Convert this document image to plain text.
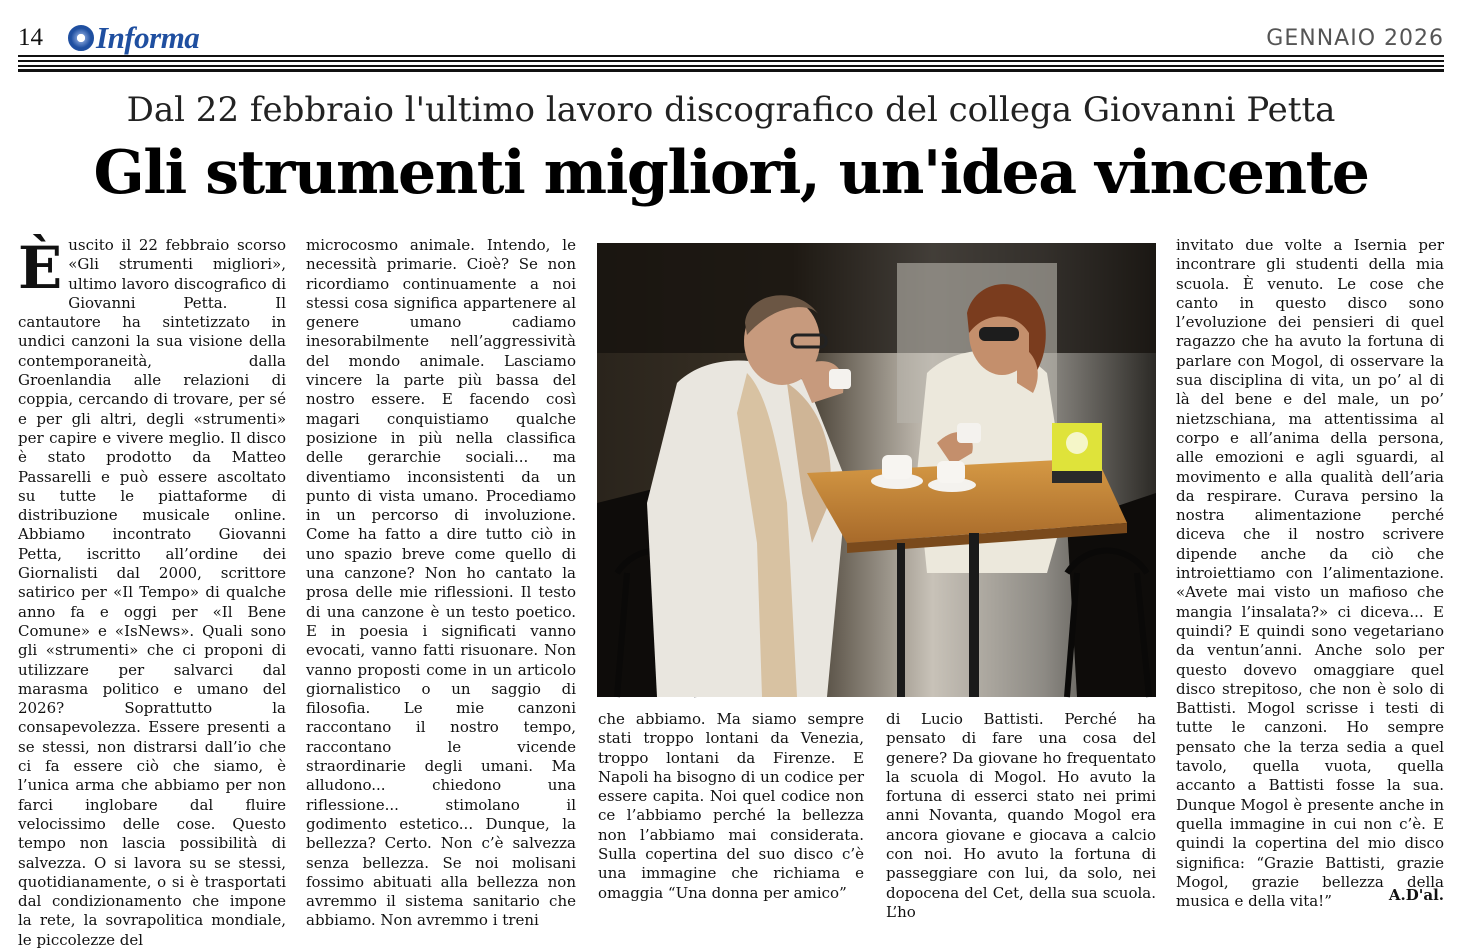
14 Informa	GENNAIO 2026
Dal 22 febbraio l'ultimo lavoro discografico del collega Giovanni Petta
Gli strumenti migliori, un'idea vincente
È uscito il 22 febbraio scorso «Gli strumenti migliori», ultimo lavoro discografico di Giovanni Petta. Il cantautore ha sintetizzato in undici canzoni la sua visione della contemporaneità, dalla Groenlandia alle relazioni di coppia, cercando di trovare, per sé e per gli altri, degli «strumenti» per capire e vivere meglio. Il disco è stato prodotto da Matteo Passarelli e può essere ascoltato su tutte le piattaforme di distribuzione musicale online. Abbiamo incontrato Giovanni Petta, iscritto all’ordine dei Giornalisti dal 2000, scrittore satirico per «Il Tempo» di qualche anno fa e oggi per «Il Bene Comune» e «IsNews». Quali sono gli «strumenti» che ci proponi di utilizzare per salvarci dal marasma politico e umano del 2026? Soprattutto la consapevolezza. Essere presenti a se stessi, non distrarsi dall’io che ci fa essere ciò che siamo, è l’unica arma che abbiamo per non farci inglobare dal fluire velocissimo delle cose. Questo tempo non lascia possibilità di salvezza. O si lavora su se stessi, quotidianamente, o si è trasportati dal condizionamento che impone la rete, la sovrapolitica mondiale, le piccolezze del

microcosmo animale. Intendo, le necessità primarie. Cioè? Se non ricordiamo continuamente a noi stessi cosa significa appartenere al genere umano cadiamo inesorabilmente nell’aggressività del mondo animale. Lasciamo vincere la parte più bassa del nostro essere. E facendo così magari conquistiamo qualche posizione in più nella classifica delle gerarchie sociali... ma diventiamo inconsistenti da un punto di vista umano. Procediamo in un percorso di involuzione. Come ha fatto a dire tutto ciò in uno spazio breve come quello di una canzone? Non ho cantato la prosa delle mie riflessioni. Il testo di una canzone è un testo poetico. E in poesia i significati vanno evocati, vanno fatti risuonare. Non vanno proposti come in un articolo giornalistico o un saggio di filosofia. Le mie canzoni raccontano il nostro tempo, raccontano le vicende straordinarie degli umani. Ma alludono... chiedono una riflessione... stimolano il godimento estetico... Dunque, la bellezza? Certo. Non c’è salvezza senza bellezza. Se noi molisani fossimo abituati alla bellezza non avremmo il sistema sanitario che abbiamo. Non avremmo i treni

che abbiamo. Ma siamo sempre stati troppo lontani da Venezia, troppo lontani da Firenze. E Napoli ha bisogno di un codice per essere capita. Noi quel codice non ce l’abbiamo perché la bellezza non l’abbiamo mai considerata. Sulla copertina del suo disco c’è una immagine che richiama e omaggia “Una donna per amico”

di Lucio Battisti. Perché ha pensato di fare una cosa del genere? Da giovane ho frequentato la scuola di Mogol. Ho avuto la fortuna di esserci stato nei primi anni Novanta, quando Mogol era ancora giovane e giocava a calcio con noi. Ho avuto la fortuna di passeggiare con lui, da solo, nei dopocena del Cet, della sua scuola. L’ho

invitato due volte a Isernia per incontrare gli studenti della mia scuola. È venuto. Le cose che canto in questo disco sono l’evoluzione dei pensieri di quel ragazzo che ha avuto la fortuna di parlare con Mogol, di osservare la sua disciplina di vita, un po’ al di là del bene e del male, un po’ nietzschiana, ma attentissima al corpo e all’anima della persona, alle emozioni e agli sguardi, al movimento e alla qualità dell’aria da respirare. Curava persino la nostra alimentazione perché diceva che il nostro scrivere dipende anche da ciò che introiettiamo con l’alimentazione. «Avete mai visto un mafioso che mangia l’insalata?» ci diceva... E quindi? E quindi sono vegetariano da ventun’anni. Anche solo per questo dovevo omaggiare quel disco strepitoso, che non è solo di Battisti. Mogol scrisse i testi di tutte le canzoni. Ho sempre pensato che la terza sedia a quel tavolo, quella vuota, quella accanto a Battisti fosse la sua. Dunque Mogol è presente anche in quella immagine in cui non c’è. E quindi la copertina del mio disco significa: “Grazie Battisti, grazie Mogol, grazie bellezza della musica e della vita!”	A.D'al.
